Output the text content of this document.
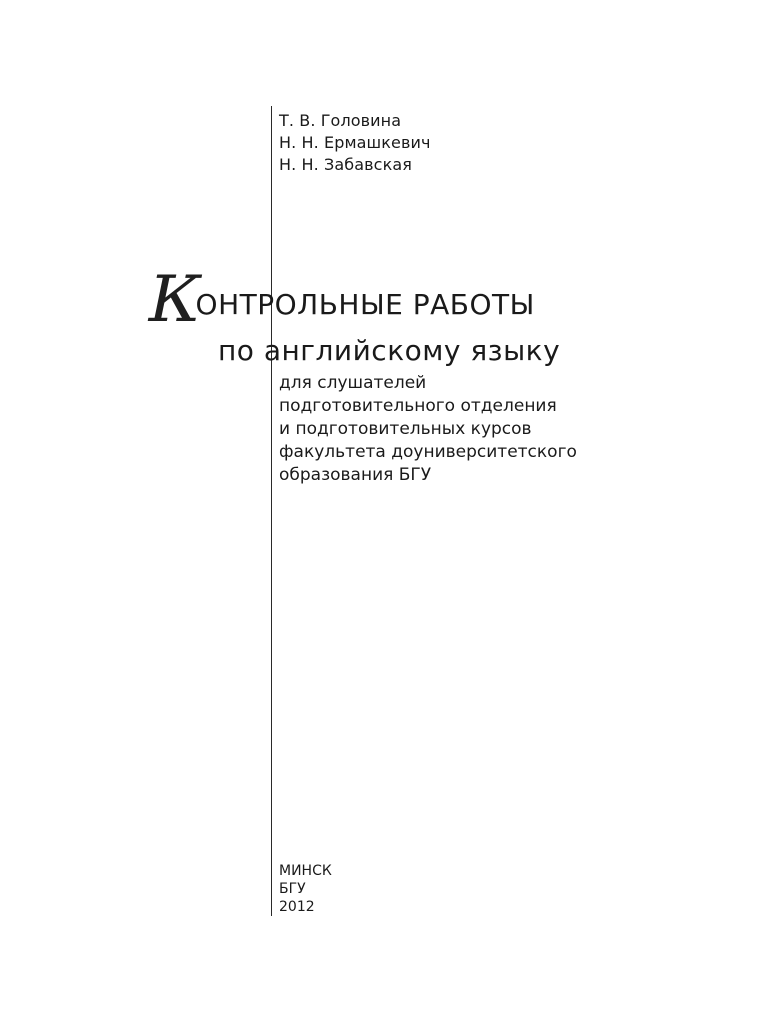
Т. В. Головина
Н. Н. Ермашкевич
Н. Н. Забавская
КОНТРОЛЬНЫЕ РАБОТЫ
по английскому языку
для слушателей
подготовительного отделения
и подготовительных курсов
факультета доуниверситетского
образования БГУ
МИНСК
БГУ
2012
